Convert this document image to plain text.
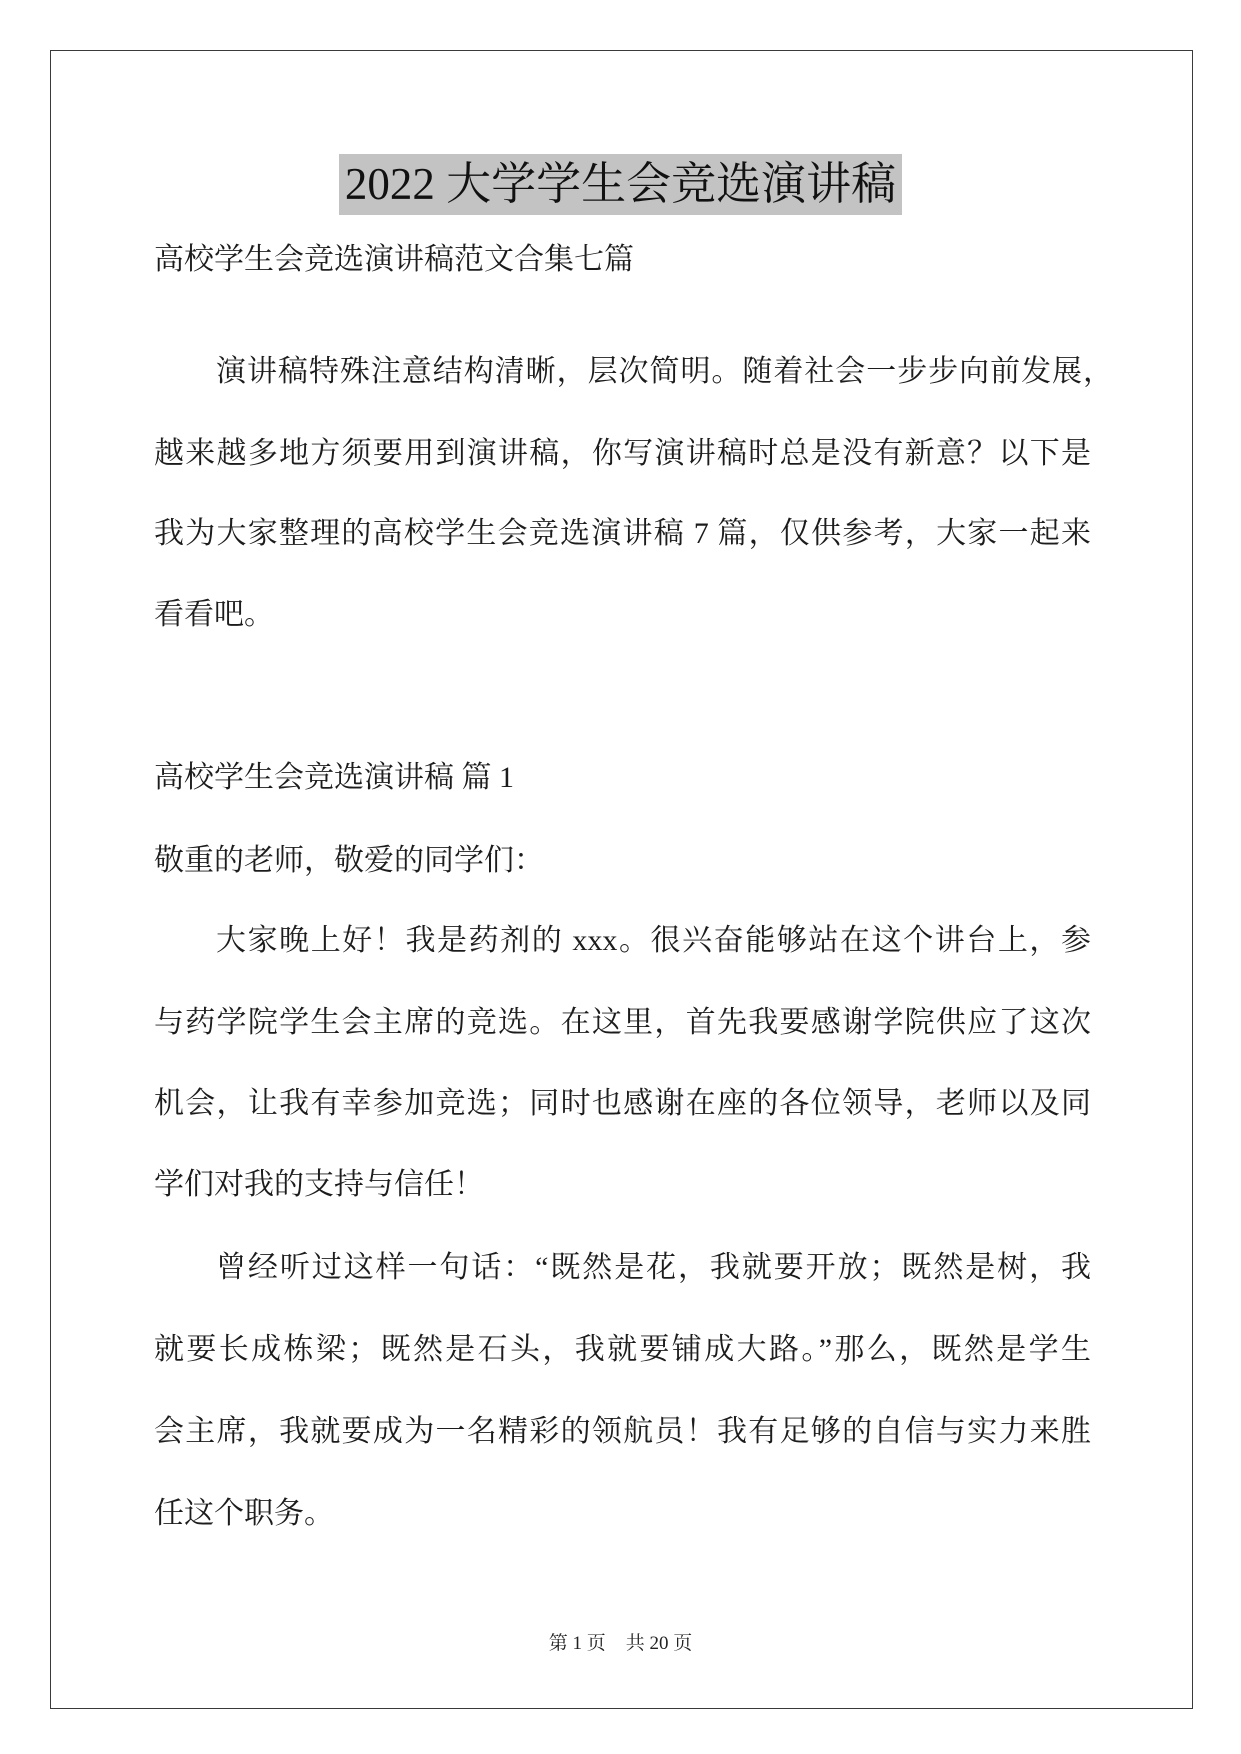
2022 大学学生会竞选演讲稿
高校学生会竞选演讲稿范文合集七篇
演讲稿特殊注意结构清晰，层次简明。随着社会一步步向前发展，
越来越多地方须要用到演讲稿，你写演讲稿时总是没有新意？以下是
我为大家整理的高校学生会竞选演讲稿 7 篇，仅供参考，大家一起来
看看吧。
高校学生会竞选演讲稿 篇 1
敬重的老师，敬爱的同学们：
大家晚上好！我是药剂的 xxx。很兴奋能够站在这个讲台上，参
与药学院学生会主席的竞选。在这里，首先我要感谢学院供应了这次
机会，让我有幸参加竞选；同时也感谢在座的各位领导，老师以及同
学们对我的支持与信任！
曾经听过这样一句话：“既然是花，我就要开放；既然是树，我
就要长成栋梁；既然是石头，我就要铺成大路。”那么，既然是学生
会主席，我就要成为一名精彩的领航员！我有足够的自信与实力来胜
任这个职务。
第 1 页 共 20 页
